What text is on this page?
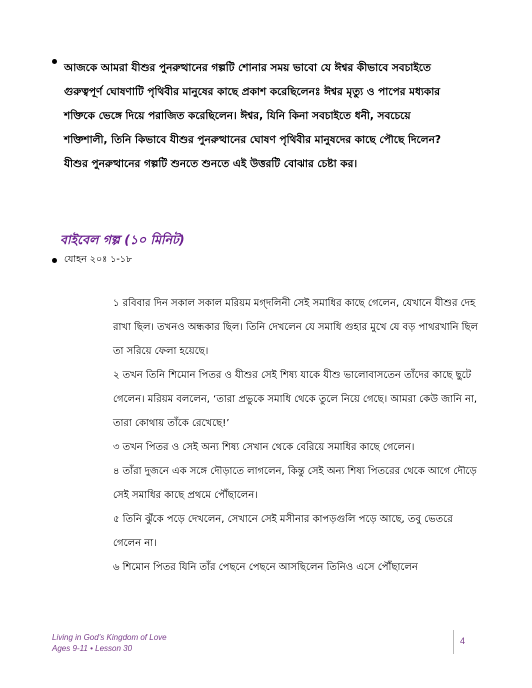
আজকে আমরা যীশুর পুনরুত্থানের গল্পটি শোনার সময় ভাবো যে ঈশ্বর কীভাবে সবচাইতে গুরুত্বপূর্ণ ঘোষণাটি পৃথিবীর মানুষের কাছে প্রকাশ করেছিলেনঃ ঈশ্বর মৃত্যু ও পাপের মধ্যকার শক্তিকে ভেঙ্গে দিয়ে পরাজিত করেছিলেন। ঈশ্বর, যিনি কিনা সবচাইতে ধনী, সবচেয়ে শক্তিশালী, তিনি কিভাবে যীশুর পুনরুত্থানের ঘোষণ পৃথিবীর মানুষদের কাছে পৌছে দিলেন? যীশুর পুনরুত্থানের গল্পটি শুনতে শুনতে এই উত্তরটি বোঝার চেষ্টা কর।
বাইবেল গল্প (১০ মিনিট)
যোহন ২০ঃ ১-১৮
১ রবিবার দিন সকাল সকাল মরিয়ম মগ্‌দলিনী সেই সমাধির কাছে গেলেন, যেখানে যীশুর দেহ রাখা ছিল। তখনও অন্ধকার ছিল। তিনি দেখলেন যে সমাধি গুহার মুখে যে বড় পাথরখানি ছিল তা সরিয়ে ফেলা হয়েছে।
২ তখন তিনি শিমোন পিতর ও যীশুর সেই শিষ্য যাকে যীশু ভালোবাসতেন তাঁদের কাছে ছুটে গেলেন। মরিয়ম বললেন, ‘তারা প্রভুকে সমাধি থেকে তুলে নিয়ে গেছে। আমরা কেউ জানি না, তারা কোথায় তাঁকে রেখেছে!’
৩ তখন পিতর ও সেই অন্য শিষ্য সেখান থেকে বেরিয়ে সমাধির কাছে গেলেন।
৪ তাঁরা দুজনে এক সঙ্গে দৌড়াতে লাগলেন, কিন্তু সেই অন্য শিষ্য পিতরের থেকে আগে দৌড়ে সেই সমাধির কাছে প্রথমে পৌঁছালেন।
৫ তিনি ঝুঁকে পড়ে দেখলেন, সেখানে সেই মসীনার কাপড়গুলি পড়ে আছে, তবু ভেতরে গেলেন না।
৬ শিমোন পিতর যিনি তাঁর পেছনে পেছনে আসছিলেন তিনিও এসে পৌঁছালেন
Living in God’s Kingdom of Love
Ages 9-11 • Lesson 30
4
